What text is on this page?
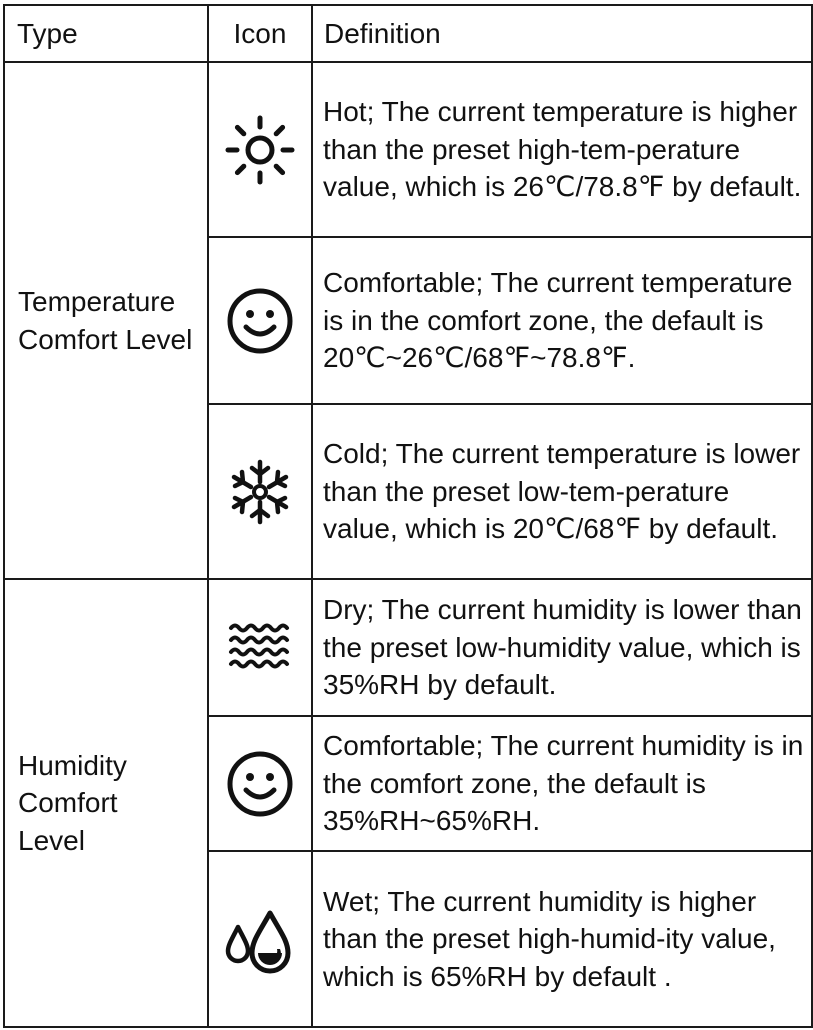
Type	Icon	Definition

Temperature Comfort Level		Hot; The current temperature is higher than the preset high-tem-perature value, which is 26℃/78.8℉ by default.

	Comfortable; The current temperature is in the comfort zone, the default is 20℃~26℃/68℉~78.8℉.

	Cold; The current temperature is lower than the preset low-tem-perature value, which is 20℃/68℉ by default.

Humidity Comfort Level		Dry; The current humidity is lower than the preset low-humidity value, which is 35%RH by default.

	Comfortable; The current humidity is in the comfort zone, the default is 35%RH~65%RH.

	Wet; The current humidity is higher than the preset high-humid-ity value, which is 65%RH by default .
